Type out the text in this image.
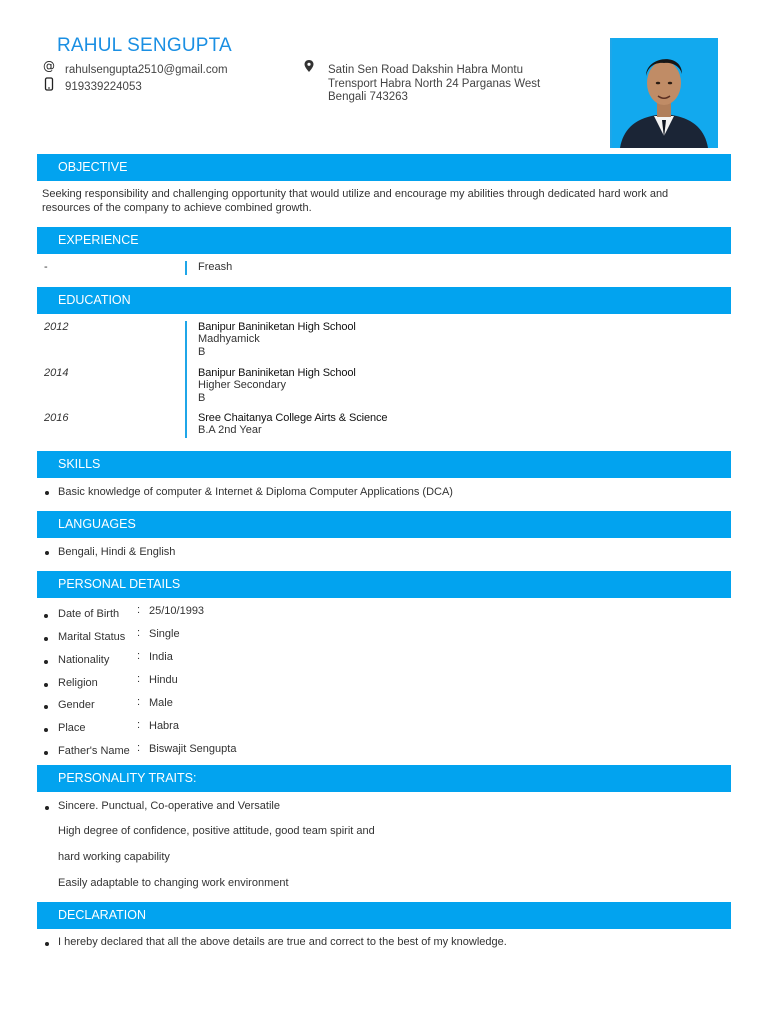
RAHUL SENGUPTA
@ rahulsengupta2510@gmail.com
919339224053
Satin Sen Road Dakshin Habra Montu
Trensport Habra North 24 Parganas West
Bengali 743263
OBJECTIVE
Seeking responsibility and challenging opportunity that would utilize and encourage my abilities through dedicated hard work and
resources of the company to achieve combined growth.
EXPERIENCE
-	Freash
EDUCATION
2012	Banipur Baniniketan High School
Madhyamick
B
2014	Banipur Baniniketan High School
Higher Secondary
B
2016	Sree Chaitanya College Airts & Science
B.A 2nd Year
SKILLS
Basic knowledge of computer & Internet & Diploma Computer Applications (DCA)
LANGUAGES
Bengali, Hindi & English
PERSONAL DETAILS
Date of Birth : 25/10/1993
Marital Status : Single
Nationality	: India
Religion	: Hindu
Gender	: Male
Place	: Habra
Father's Name : Biswajit Sengupta
PERSONALITY TRAITS:
Sincere. Punctual, Co-operative and Versatile
High degree of confidence, positive attitude, good team spirit and
hard working capability
Easily adaptable to changing work environment
DECLARATION
I hereby declared that all the above details are true and correct to the best of my knowledge.
